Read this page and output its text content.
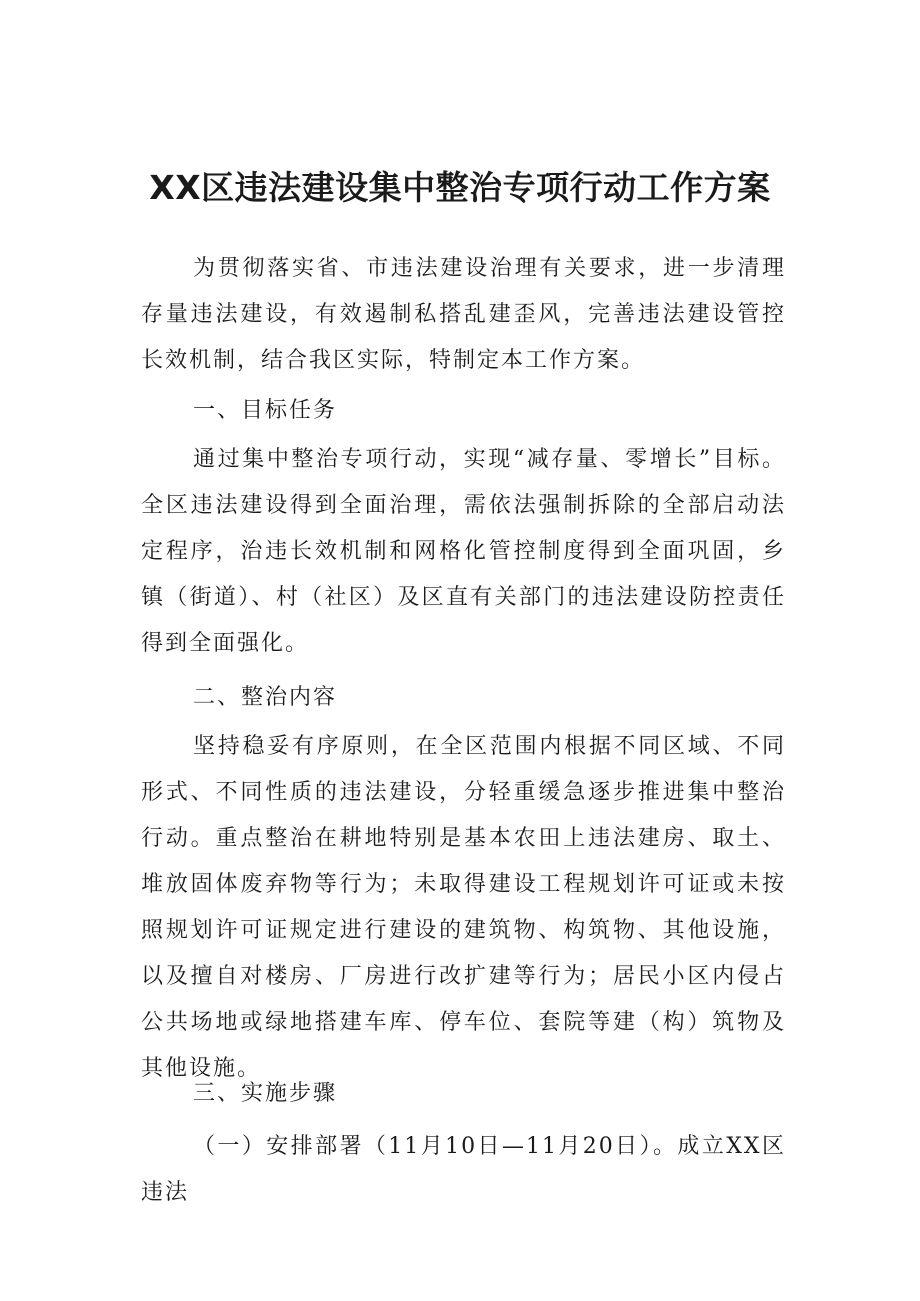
XX区违法建设集中整治专项行动工作方案

为贯彻落实省、市违法建设治理有关要求，进一步清理存量违法建设，有效遏制私搭乱建歪风，完善违法建设管控长效机制，结合我区实际，特制定本工作方案。

一、目标任务

通过集中整治专项行动，实现“减存量、零增长”目标。全区违法建设得到全面治理，需依法强制拆除的全部启动法定程序，治违长效机制和网格化管控制度得到全面巩固，乡镇（街道）、村（社区）及区直有关部门的违法建设防控责任得到全面强化。

二、整治内容

坚持稳妥有序原则，在全区范围内根据不同区域、不同形式、不同性质的违法建设，分轻重缓急逐步推进集中整治行动。重点整治在耕地特别是基本农田上违法建房、取土、堆放固体废弃物等行为；未取得建设工程规划许可证或未按照规划许可证规定进行建设的建筑物、构筑物、其他设施，以及擅自对楼房、厂房进行改扩建等行为；居民小区内侵占公共场地或绿地搭建车库、停车位、套院等建（构）筑物及其他设施。

三、实施步骤

（一）安排部署（11月10日—11月20日）。成立XX区违法
